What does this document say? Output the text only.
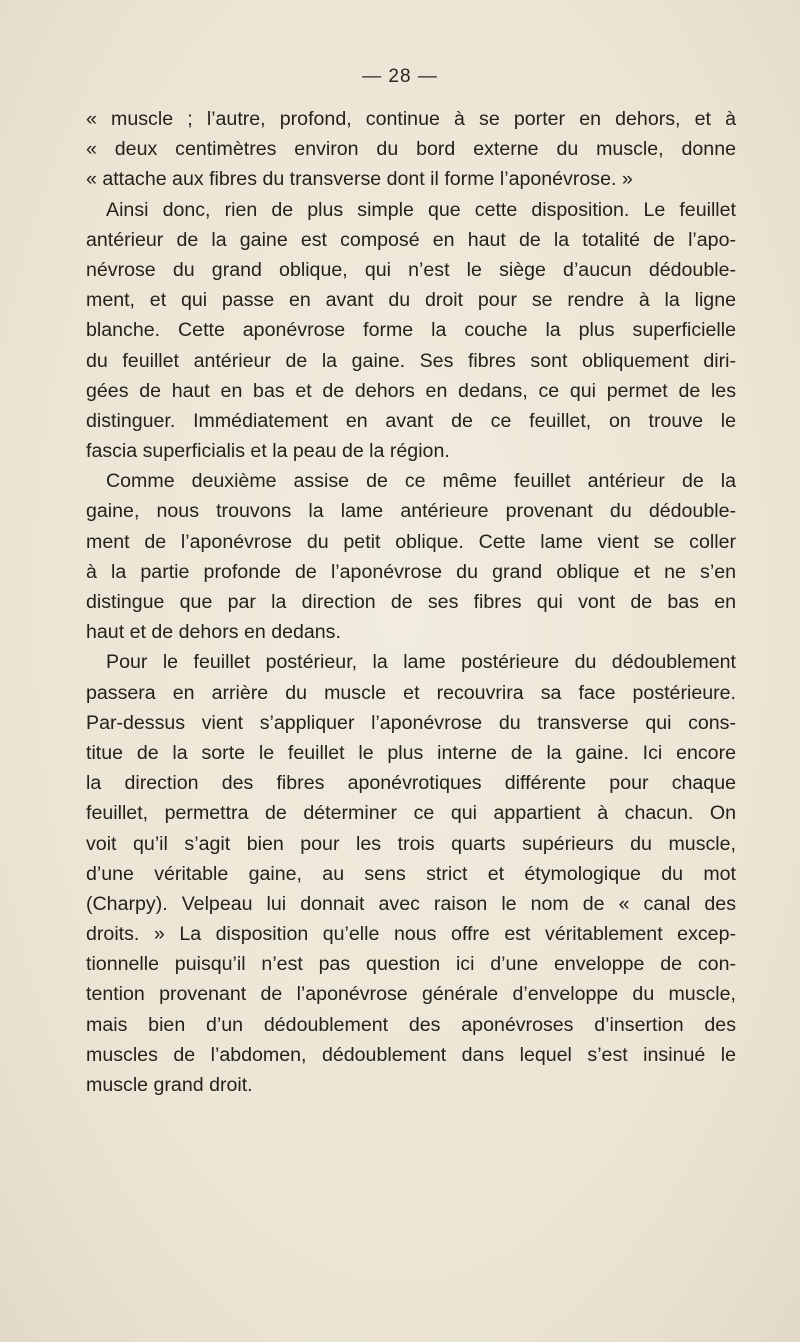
— 28 —
« muscle ; l’autre, profond, continue à se porter en dehors, et à
« deux centimètres environ du bord externe du muscle, donne
« attache aux fibres du transverse dont il forme l’aponévrose. »
Ainsi donc, rien de plus simple que cette disposition. Le feuillet
antérieur de la gaine est composé en haut de la totalité de l’apo-
névrose du grand oblique, qui n’est le siège d’aucun dédouble-
ment, et qui passe en avant du droit pour se rendre à la ligne
blanche. Cette aponévrose forme la couche la plus superficielle
du feuillet antérieur de la gaine. Ses fibres sont obliquement diri-
gées de haut en bas et de dehors en dedans, ce qui permet de les
distinguer. Immédiatement en avant de ce feuillet, on trouve le
fascia superficialis et la peau de la région.
Comme deuxième assise de ce même feuillet antérieur de la
gaine, nous trouvons la lame antérieure provenant du dédouble-
ment de l’aponévrose du petit oblique. Cette lame vient se coller
à la partie profonde de l’aponévrose du grand oblique et ne s’en
distingue que par la direction de ses fibres qui vont de bas en
haut et de dehors en dedans.
Pour le feuillet postérieur, la lame postérieure du dédoublement
passera en arrière du muscle et recouvrira sa face postérieure.
Par-dessus vient s’appliquer l’aponévrose du transverse qui cons-
titue de la sorte le feuillet le plus interne de la gaine. Ici encore
la direction des fibres aponévrotiques différente pour chaque
feuillet, permettra de déterminer ce qui appartient à chacun. On
voit qu’il s’agit bien pour les trois quarts supérieurs du muscle,
d’une véritable gaine, au sens strict et étymologique du mot
(Charpy). Velpeau lui donnait avec raison le nom de « canal des
droits. » La disposition qu’elle nous offre est véritablement excep-
tionnelle puisqu’il n’est pas question ici d’une enveloppe de con-
tention provenant de l’aponévrose générale d’enveloppe du muscle,
mais bien d’un dédoublement des aponévroses d’insertion des
muscles de l’abdomen, dédoublement dans lequel s’est insinué le
muscle grand droit.
